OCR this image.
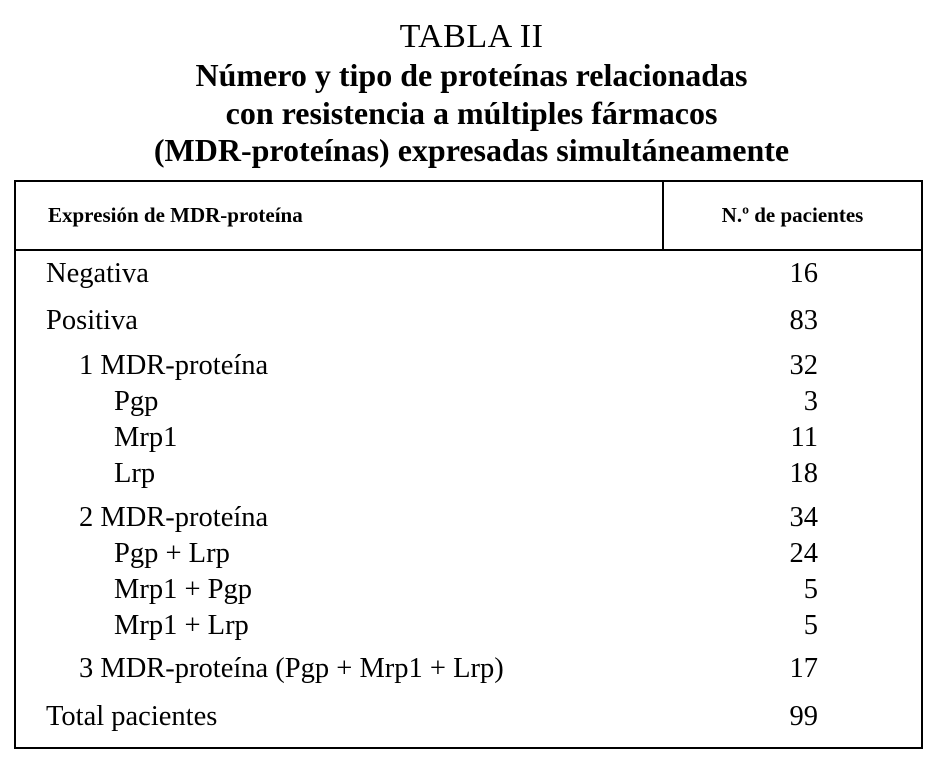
TABLA II
Número y tipo de proteínas relacionadas
con resistencia a múltiples fármacos
(MDR-proteínas) expresadas simultáneamente
Expresión de MDR-proteína	N.º de pacientes
Negativa	16
Positiva	83
1 MDR-proteína	32
Pgp	3
Mrp1	11
Lrp	18
2 MDR-proteína	34
Pgp + Lrp	24
Mrp1 + Pgp	5
Mrp1 + Lrp	5
3 MDR-proteína (Pgp + Mrp1 + Lrp)	17
Total pacientes	99
